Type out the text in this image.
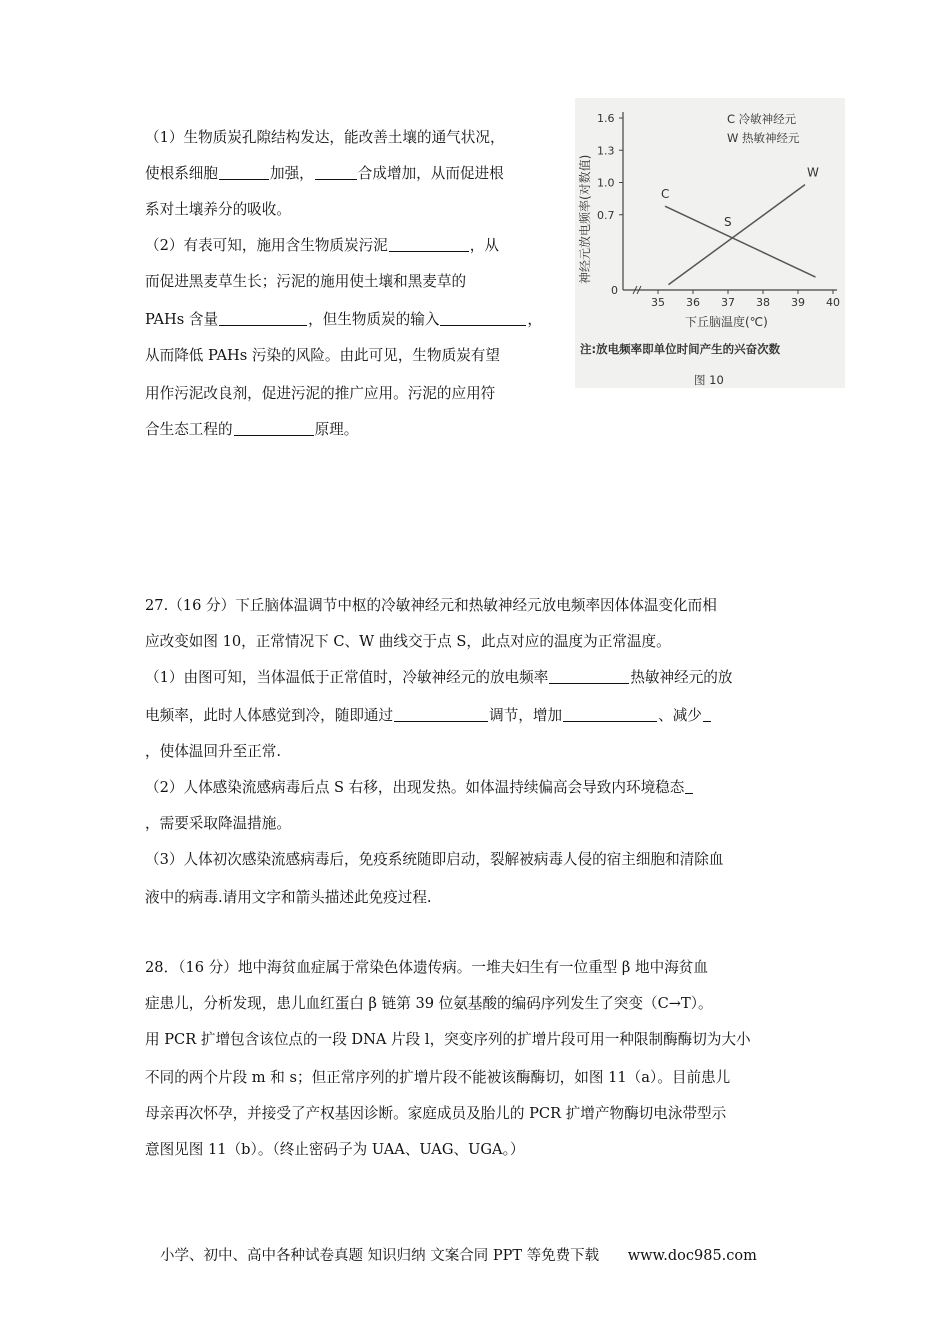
（1）生物质炭孔隙结构发达，能改善土壤的通气状况，
使根系细胞	加强，	合成增加，从而促进根
系对土壤养分的吸收。
（2）有表可知，施用含生物质炭污泥	，从
而促进黑麦草生长；污泥的施用使土壤和黑麦草的
PAHs 含量	，但生物质炭的输入	，
从而降低 PAHs 污染的风险。由此可见，生物质炭有望
用作污泥改良剂，促进污泥的推广应用。污泥的应用符
合生态工程的	原理。
0
0.7
1.0
1.3
1.6
35 36 37 38 39 40
C
W
S
神经元放电频率(对数值)
下丘脑温度(℃)
C 冷敏神经元
W 热敏神经元
注:放电频率即单位时间产生的兴奋次数
图 10
27.（16 分）下丘脑体温调节中枢的冷敏神经元和热敏神经元放电频率因体体温变化而相
应改变如图 10，正常情况下 C、W 曲线交于点 S，此点对应的温度为正常温度。
（1）由图可知，当体温低于正常值时，冷敏神经元的放电频率	热敏神经元的放
电频率，此时人体感觉到冷，随即通过	调节，增加	、减少
，使体温回升至正常.
（2）人体感染流感病毒后点 S 右移，出现发热。如体温持续偏高会导致内环境稳态
，需要采取降温措施。
（3）人体初次感染流感病毒后，免疫系统随即启动，裂解被病毒人侵的宿主细胞和清除血
液中的病毒.请用文字和箭头描述此免疫过程.
28．（16 分）地中海贫血症属于常染色体遗传病。一堆夫妇生有一位重型 β 地中海贫血
症患儿，分析发现，患儿血红蛋白 β 链第 39 位氨基酸的编码序列发生了突变（C→T）。
用 PCR 扩增包含该位点的一段 DNA 片段 l，突变序列的扩增片段可用一种限制酶酶切为大小
不同的两个片段 m 和 s；但正常序列的扩增片段不能被该酶酶切，如图 11（a）。目前患儿
母亲再次怀孕，并接受了产权基因诊断。家庭成员及胎儿的 PCR 扩增产物酶切电泳带型示
意图见图 11（b）。（终止密码子为 UAA、UAG、UGA。）
小学、初中、高中各种试卷真题 知识归纳 文案合同 PPT 等免费下载 www.doc985.com
